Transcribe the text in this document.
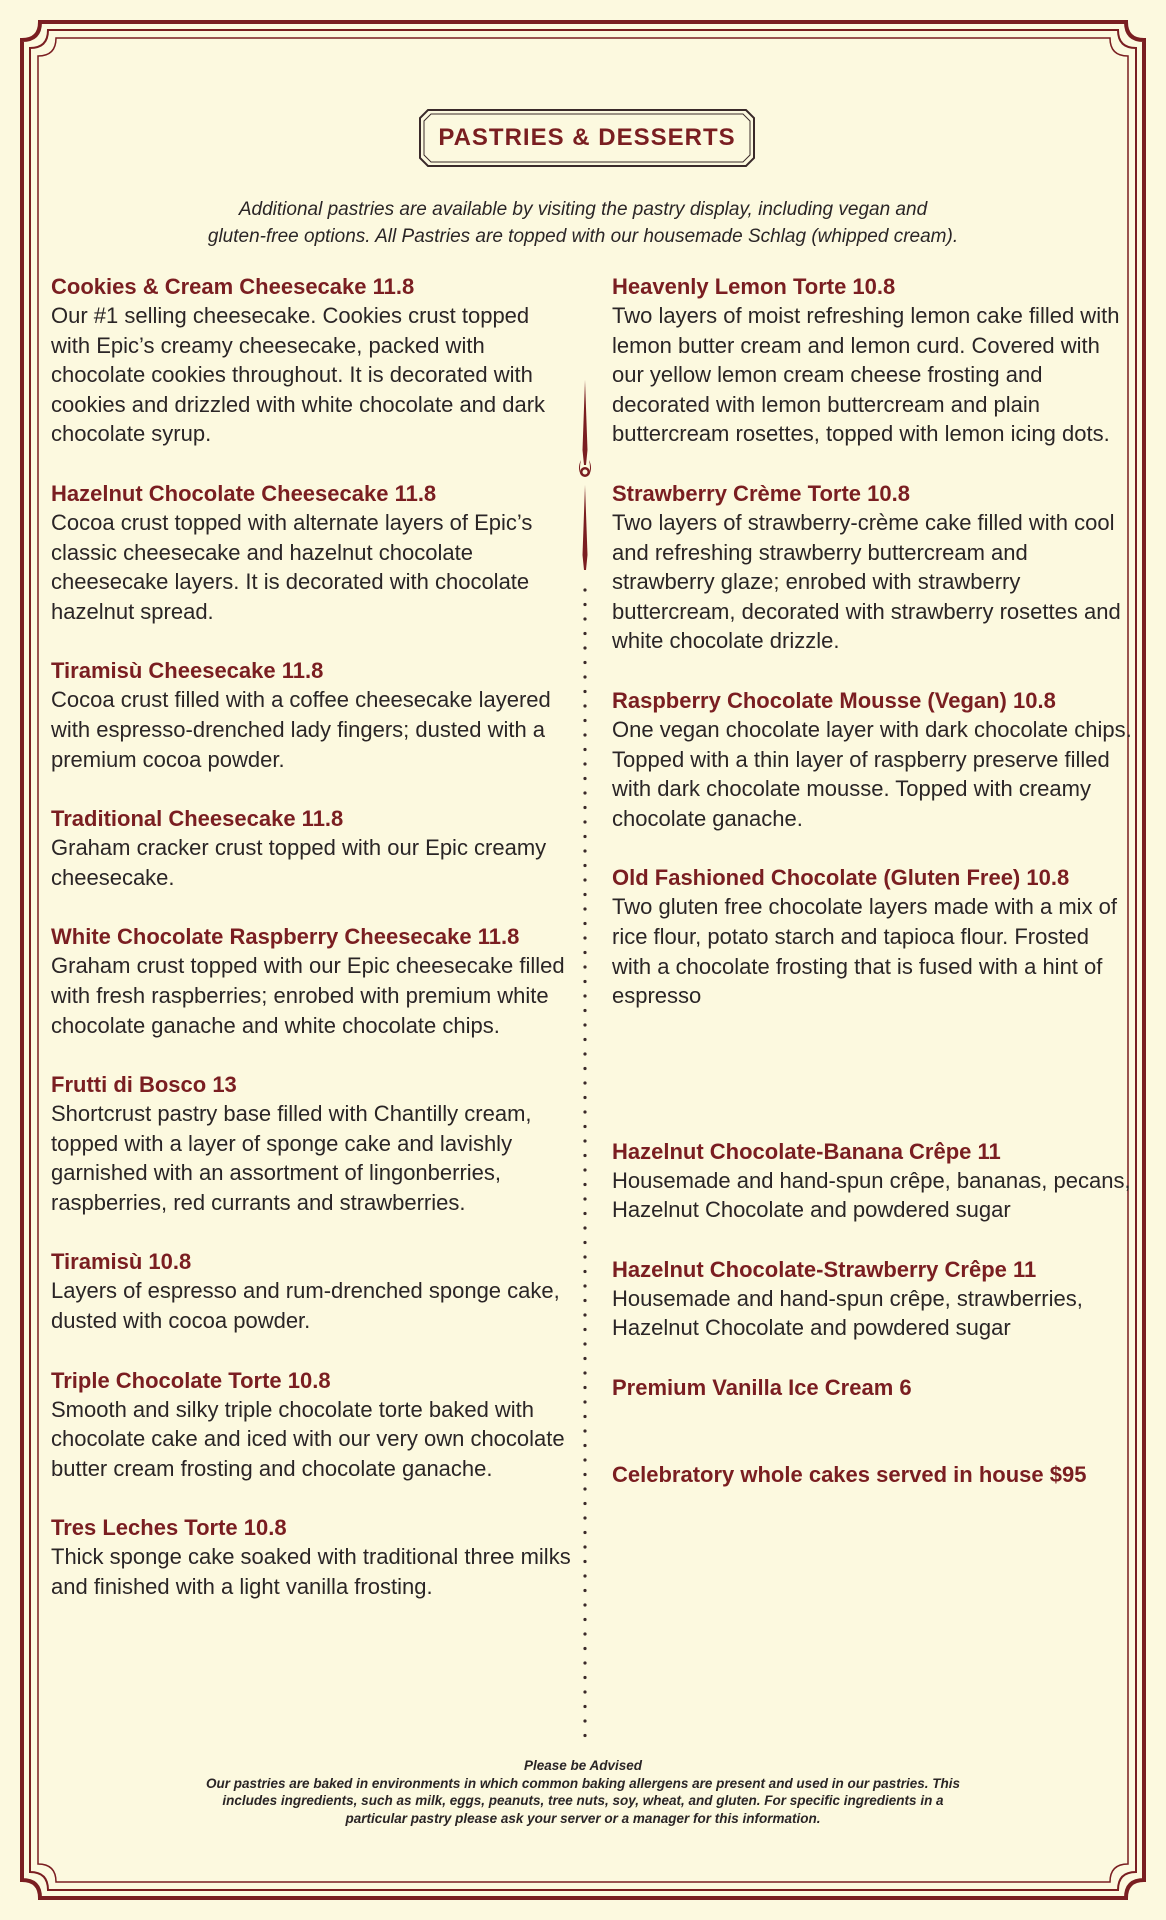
PASTRIES & DESSERTS
Additional pastries are available by visiting the pastry display, including vegan and
gluten-free options. All Pastries are topped with our housemade Schlag (whipped cream).
Cookies & Cream Cheesecake 11.8
Our #1 selling cheesecake. Cookies crust topped with Epic’s creamy cheesecake, packed with chocolate cookies throughout. It is decorated with cookies and drizzled with white chocolate and dark chocolate syrup.
Hazelnut Chocolate Cheesecake 11.8
Cocoa crust topped with alternate layers of Epic’s classic cheesecake and hazelnut chocolate cheesecake layers. It is decorated with chocolate hazelnut spread.
Tiramisù Cheesecake 11.8
Cocoa crust filled with a coffee cheesecake layered with espresso-drenched lady fingers; dusted with a premium cocoa powder.
Traditional Cheesecake 11.8
Graham cracker crust topped with our Epic creamy cheesecake.
White Chocolate Raspberry Cheesecake 11.8
Graham crust topped with our Epic cheesecake filled with fresh raspberries; enrobed with premium white chocolate ganache and white chocolate chips.
Frutti di Bosco 13
Shortcrust pastry base filled with Chantilly cream, topped with a layer of sponge cake and lavishly garnished with an assortment of lingonberries, raspberries, red currants and strawberries.
Tiramisù 10.8
Layers of espresso and rum-drenched sponge cake, dusted with cocoa powder.
Triple Chocolate Torte 10.8
Smooth and silky triple chocolate torte baked with chocolate cake and iced with our very own chocolate butter cream frosting and chocolate ganache.
Tres Leches Torte 10.8
Thick sponge cake soaked with traditional three milks and finished with a light vanilla frosting.
Heavenly Lemon Torte 10.8
Two layers of moist refreshing lemon cake filled with lemon butter cream and lemon curd. Covered with our yellow lemon cream cheese frosting and decorated with lemon buttercream and plain buttercream rosettes, topped with lemon icing dots.
Strawberry Crème Torte 10.8
Two layers of strawberry-crème cake filled with cool and refreshing strawberry buttercream and strawberry glaze; enrobed with strawberry buttercream, decorated with strawberry rosettes and white chocolate drizzle.
Raspberry Chocolate Mousse (Vegan) 10.8
One vegan chocolate layer with dark chocolate chips. Topped with a thin layer of raspberry preserve filled with dark chocolate mousse. Topped with creamy chocolate ganache.
Old Fashioned Chocolate (Gluten Free) 10.8
Two gluten free chocolate layers made with a mix of rice flour, potato starch and tapioca flour. Frosted with a chocolate frosting that is fused with a hint of espresso
Hazelnut Chocolate-Banana Crêpe 11
Housemade and hand-spun crêpe, bananas, pecans, Hazelnut Chocolate and powdered sugar
Hazelnut Chocolate-Strawberry Crêpe 11
Housemade and hand-spun crêpe, strawberries, Hazelnut Chocolate and powdered sugar
Premium Vanilla Ice Cream 6
Celebratory whole cakes served in house $95
Please be Advised
Our pastries are baked in environments in which common baking allergens are present and used in our pastries. This
includes ingredients, such as milk, eggs, peanuts, tree nuts, soy, wheat, and gluten. For specific ingredients in a
particular pastry please ask your server or a manager for this information.
